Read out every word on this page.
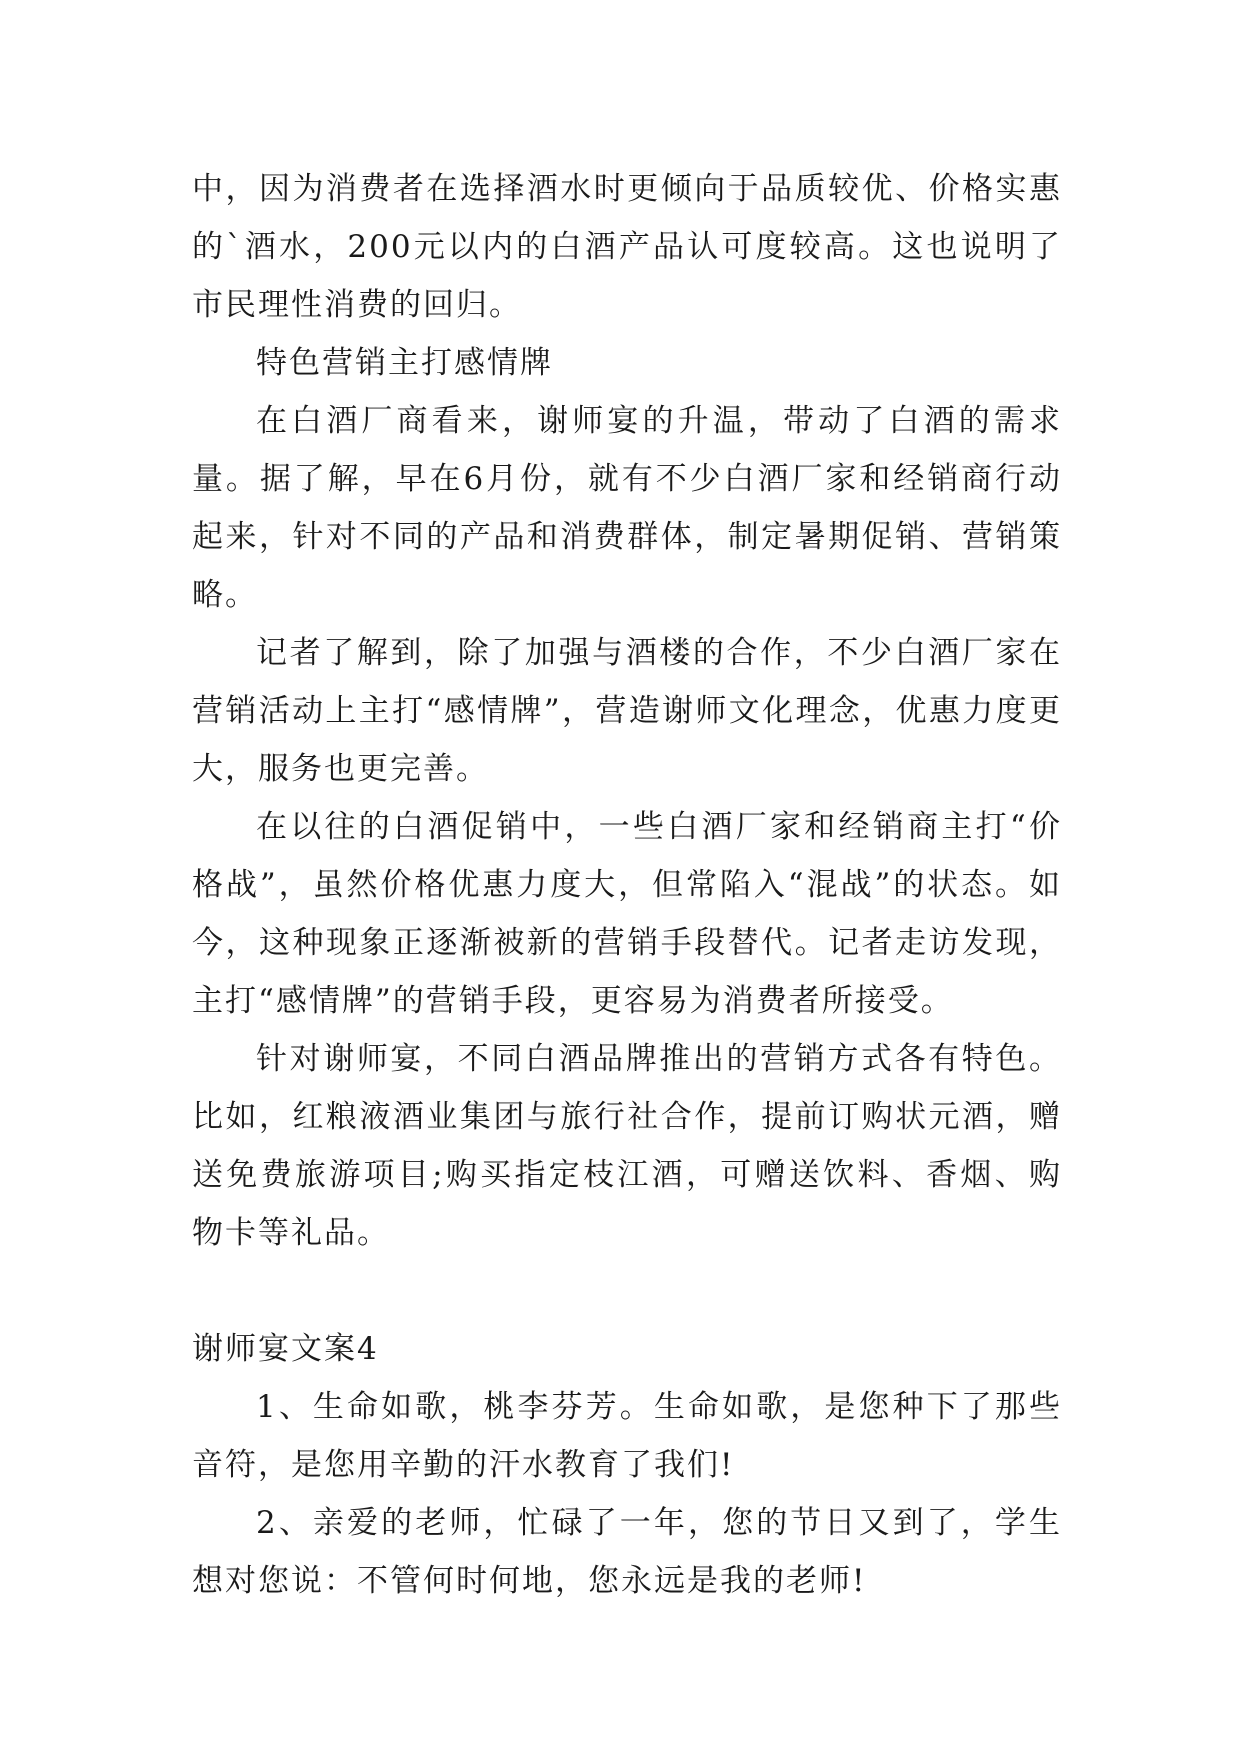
中，因为消费者在选择酒水时更倾向于品质较优、价格实惠的`酒水，200元以内的白酒产品认可度较高。这也说明了市民理性消费的回归。

特色营销主打感情牌

在白酒厂商看来，谢师宴的升温，带动了白酒的需求量。据了解，早在6月份，就有不少白酒厂家和经销商行动起来，针对不同的产品和消费群体，制定暑期促销、营销策略。

记者了解到，除了加强与酒楼的合作，不少白酒厂家在营销活动上主打“感情牌”，营造谢师文化理念，优惠力度更大，服务也更完善。

在以往的白酒促销中，一些白酒厂家和经销商主打“价格战”，虽然价格优惠力度大，但常陷入“混战”的状态。如今，这种现象正逐渐被新的营销手段替代。记者走访发现，主打“感情牌”的营销手段，更容易为消费者所接受。

针对谢师宴，不同白酒品牌推出的营销方式各有特色。比如，红粮液酒业集团与旅行社合作，提前订购状元酒，赠送免费旅游项目;购买指定枝江酒，可赠送饮料、香烟、购物卡等礼品。

谢师宴文案4

1、生命如歌，桃李芬芳。生命如歌，是您种下了那些音符，是您用辛勤的汗水教育了我们!

2、亲爱的老师，忙碌了一年，您的节日又到了，学生想对您说：不管何时何地，您永远是我的老师!
